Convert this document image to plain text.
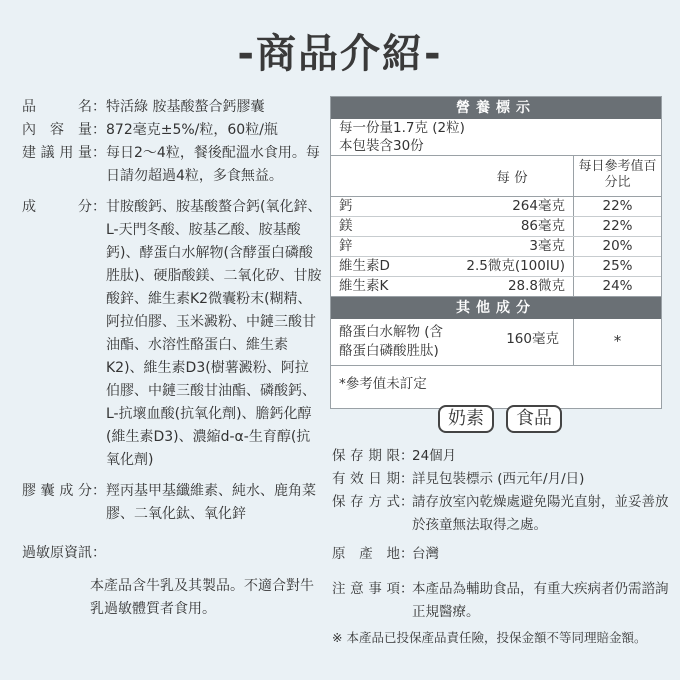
-商品介紹-
品名 ： 特活綠 胺基酸螯合鈣膠囊
內容量 ： 872毫克±5%/粒，60粒/瓶
建議用量 ： 每日2～4粒，餐後配溫水食用。每日請勿超過4粒，多食無益。
成分 ： 甘胺酸鈣、胺基酸螯合鈣(氧化鋅、L-天門冬酸、胺基乙酸、胺基酸鈣)、酵蛋白水解物(含酵蛋白磷酸胜肽)、硬脂酸鎂、二氧化矽、甘胺酸鋅、維生素K2微囊粉末(糊精、阿拉伯膠、玉米澱粉、中鏈三酸甘油酯、水溶性酪蛋白、維生素K2)、維生素D3(樹薯澱粉、阿拉伯膠、中鏈三酸甘油酯、磷酸鈣、L-抗壞血酸(抗氧化劑)、膽鈣化醇(維生素D3)、濃縮d-α-生育醇(抗氧化劑)
膠囊成分 ： 羥丙基甲基纖維素、純水、鹿角菜膠、二氧化鈦、氧化鋅
過敏原資訊：
本產品含牛乳及其製品。不適合對牛乳過敏體質者食用。
營養標示
每一份量1.7克 (2粒)
本包裝含30份
每 份
每日參考值百分比
鈣	264毫克	22%
鎂	86毫克	22%
鋅	3毫克	20%
維生素D	2.5微克(100IU)	25%
維生素K	28.8微克	24%
其他成分
酪蛋白水解物 (含酪蛋白磷酸胜肽)
160毫克	*
*參考值未訂定
奶素	食品
保存期限 ：
24個月
有效日期 ：
詳見包裝標示 (西元年/月/日)
保存方式 ：
請存放室內乾燥處避免陽光直射，並妥善放於孩童無法取得之處。
原產地 ：
台灣
注意事項 ：
本產品為輔助食品，有重大疾病者仍需諮詢正規醫療。
※ 本產品已投保產品責任險，投保金額不等同理賠金額。
